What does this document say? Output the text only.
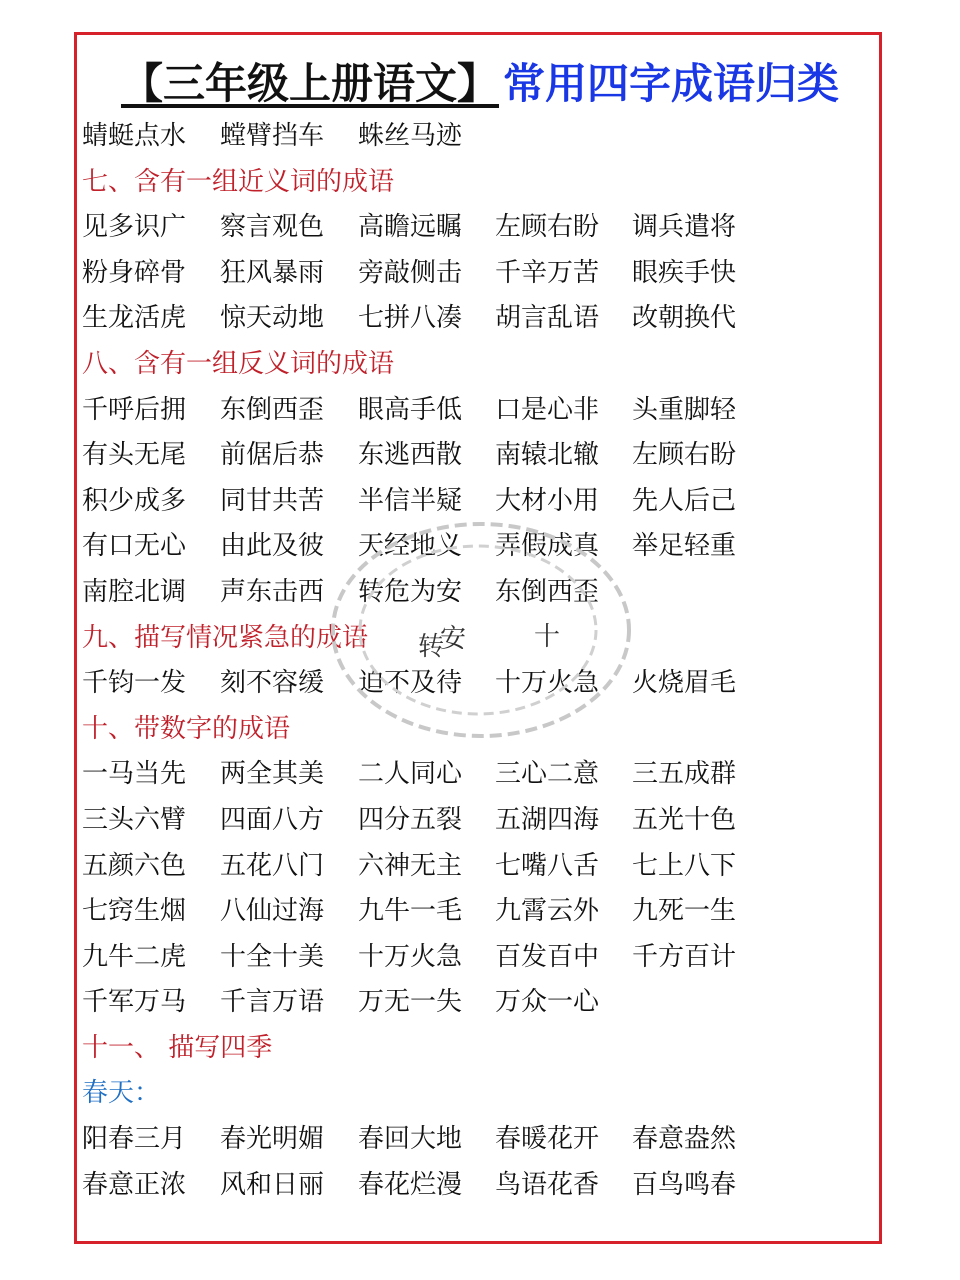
【三年级上册语文】常用四字成语归类
蜻蜓点水 螳臂挡车 蛛丝马迹
七、含有一组近义词的成语
见多识广 察言观色 高瞻远瞩 左顾右盼 调兵遣将
粉身碎骨 狂风暴雨 旁敲侧击 千辛万苦 眼疾手快
生龙活虎 惊天动地 七拼八凑 胡言乱语 改朝换代
八、含有一组反义词的成语
千呼后拥 东倒西歪 眼高手低 口是心非 头重脚轻
有头无尾 前倨后恭 东逃西散 南辕北辙 左顾右盼
积少成多 同甘共苦 半信半疑 大材小用 先人后己
有口无心 由此及彼 天经地义 弄假成真 举足轻重
南腔北调 声东击西 转危为安 东倒西歪
九、描写情况紧急的成语
千钧一发 刻不容缓 迫不及待 十万火急 火烧眉毛
十、带数字的成语
一马当先 两全其美 二人同心 三心二意 三五成群
三头六臂 四面八方 四分五裂 五湖四海 五光十色
五颜六色 五花八门 六神无主 七嘴八舌 七上八下
七窍生烟 八仙过海 九牛一毛 九霄云外 九死一生
九牛二虎 十全十美 十万火急 百发百中 千方百计
千军万马 千言万语 万无一失 万众一心
十一、 描写四季
春天：
阳春三月 春光明媚 春回大地 春暖花开 春意盎然
春意正浓 风和日丽 春花烂漫 鸟语花香 百鸟鸣春
转
安	十
